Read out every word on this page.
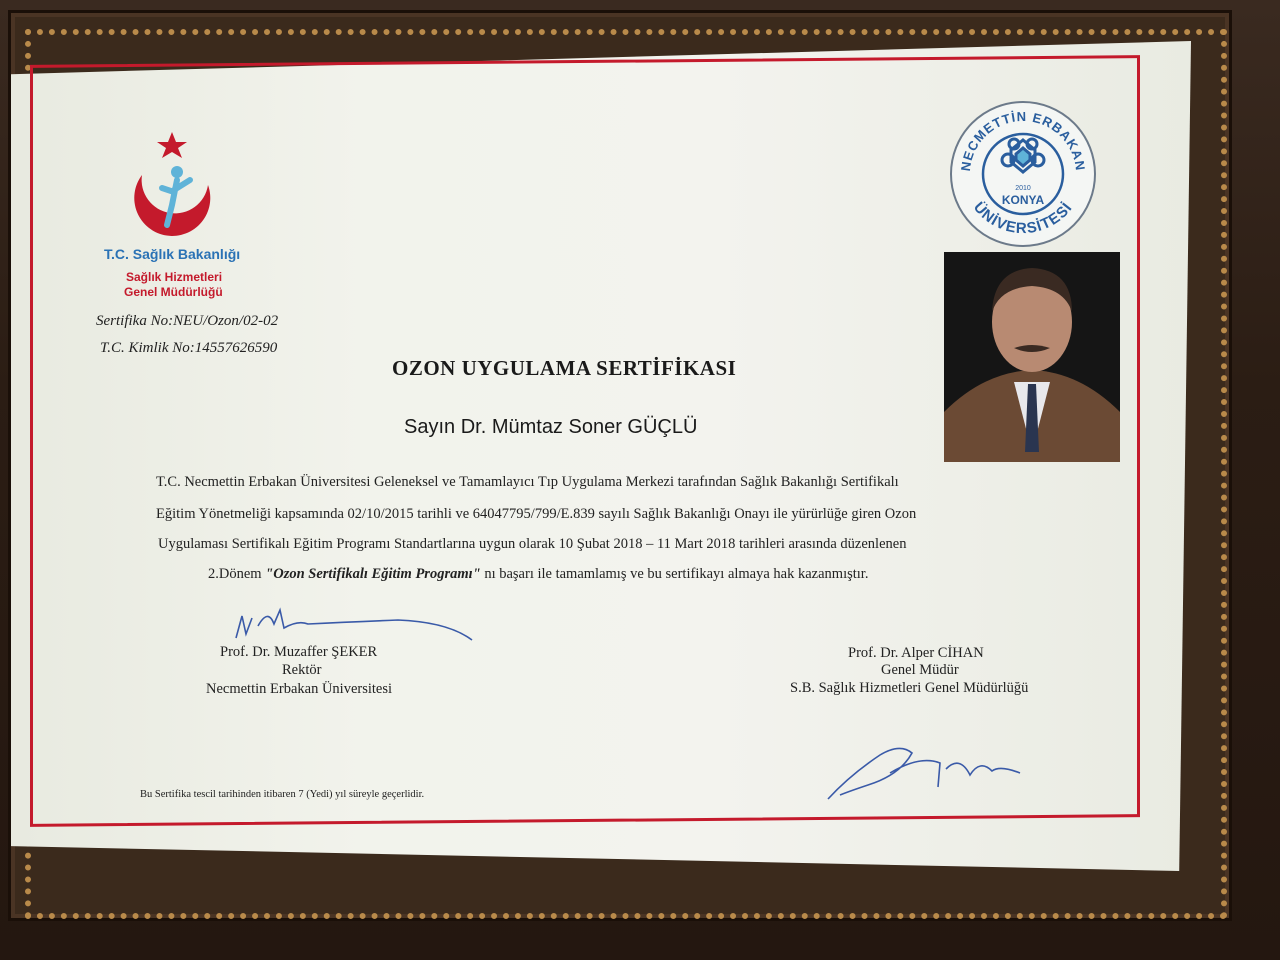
T.C. Sağlık Bakanlığı
Sağlık Hizmetleri
Genel Müdürlüğü
Sertifika No:NEU/Ozon/02-02
T.C. Kimlik No:14557626590
NECMETTİN ERBAKAN
ÜNİVERSİTESİ
2010
KONYA
OZON UYGULAMA SERTİFİKASI
Sayın Dr. Mümtaz Soner GÜÇLÜ
T.C. Necmettin Erbakan Üniversitesi Geleneksel ve Tamamlayıcı Tıp Uygulama Merkezi tarafından Sağlık Bakanlığı Sertifikalı
Eğitim Yönetmeliği kapsamında 02/10/2015 tarihli ve 64047795/799/E.839 sayılı Sağlık Bakanlığı Onayı ile yürürlüğe giren Ozon
Uygulaması Sertifikalı Eğitim Programı Standartlarına uygun olarak 10 Şubat 2018 – 11 Mart 2018 tarihleri arasında düzenlenen
2.Dönem "Ozon Sertifikalı Eğitim Programı" nı başarı ile tamamlamış ve bu sertifikayı almaya hak kazanmıştır.
Prof. Dr. Muzaffer ŞEKER
Rektör
Necmettin Erbakan Üniversitesi
Prof. Dr. Alper CİHAN
Genel Müdür
S.B. Sağlık Hizmetleri Genel Müdürlüğü
Bu Sertifika tescil tarihinden itibaren 7 (Yedi) yıl süreyle geçerlidir.
